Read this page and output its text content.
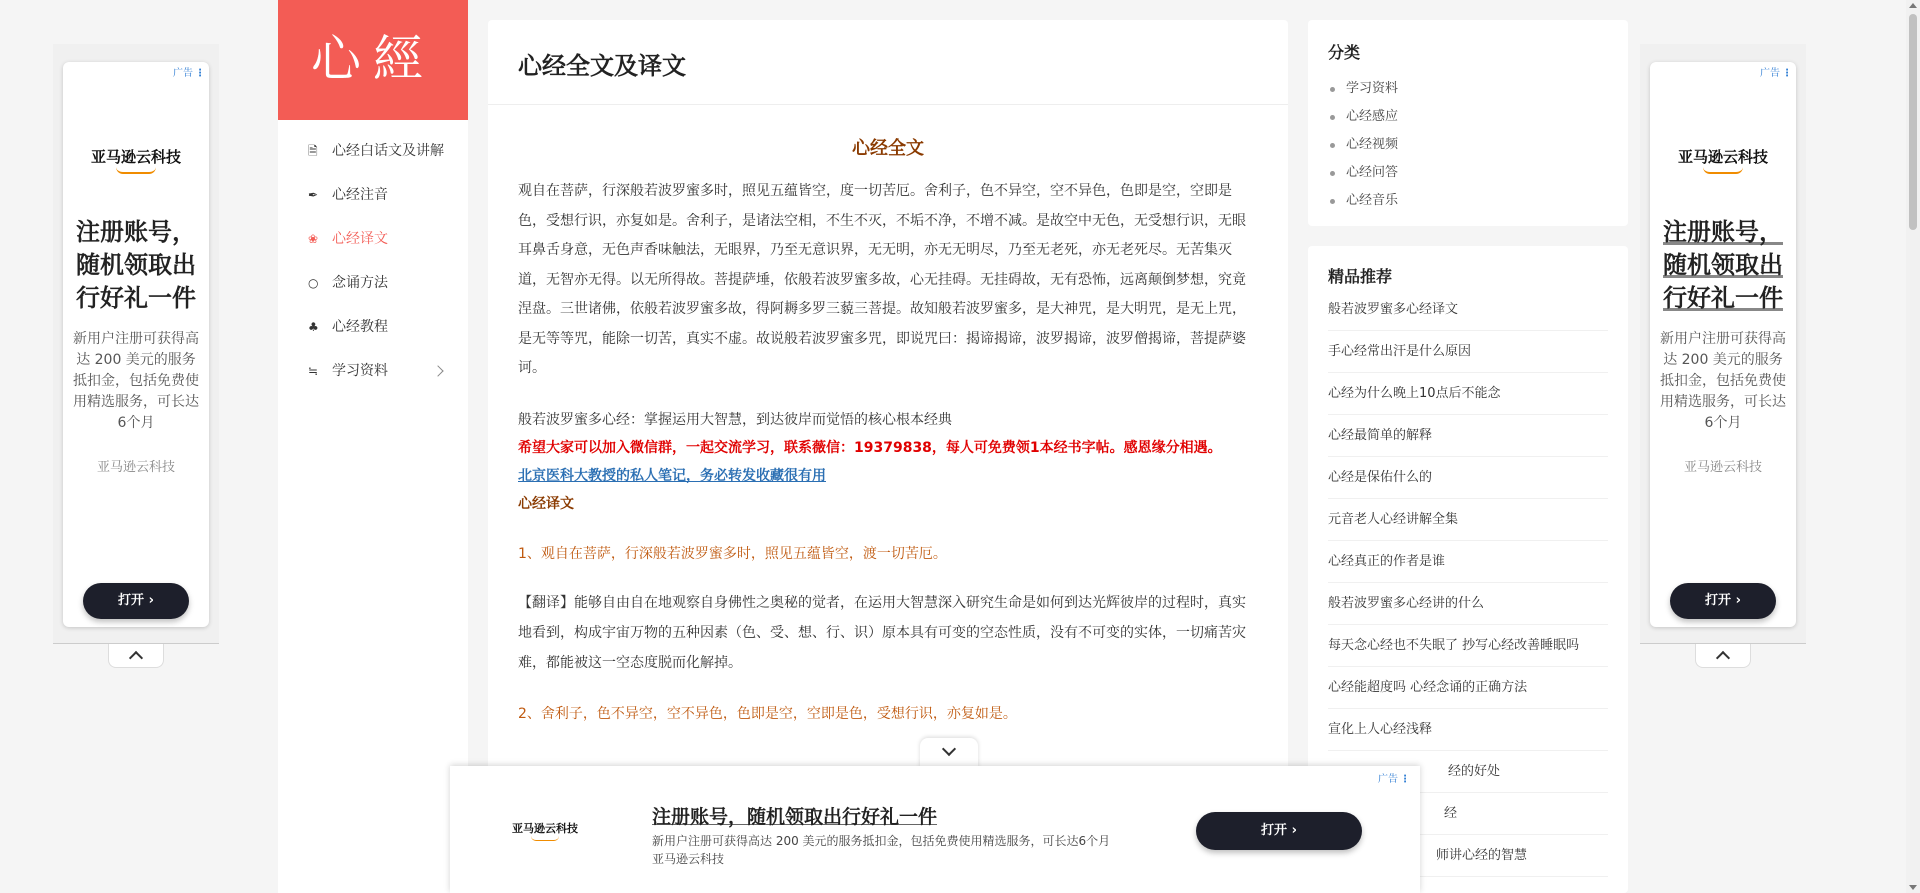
广告 ⋮
亚马逊云科技
注册账号，随机领取出行好礼一件
新用户注册可获得高达 200 美元的服务抵扣金，包括免费使用精选服务，可长达6个月
亚马逊云科技
打开 ›
广告 ⋮
亚马逊云科技
注册账号，随机领取出行好礼一件
新用户注册可获得高达 200 美元的服务抵扣金，包括免费使用精选服务，可长达6个月
亚马逊云科技
打开 ›
心經
🗎 心经白话文及讲解
✒ 心经注音
❀ 心经译文
○ 念诵方法
♣ 心经教程
≒ 学习资料
心经全文及译文
心经全文
观自在菩萨，行深般若波罗蜜多时，照见五蕴皆空，度一切苦厄。舍利子，色不异空，空不异色，色即是空，空即是色，受想行识，亦复如是。舍利子，是诸法空相，不生不灭，不垢不净，不增不减。是故空中无色，无受想行识，无眼耳鼻舌身意，无色声香味触法，无眼界，乃至无意识界，无无明，亦无无明尽，乃至无老死，亦无老死尽。无苦集灭道，无智亦无得。以无所得故。菩提萨埵，依般若波罗蜜多故，心无挂碍。无挂碍故，无有恐怖，远离颠倒梦想，究竟涅盘。三世诸佛，依般若波罗蜜多故，得阿耨多罗三藐三菩提。故知般若波罗蜜多，是大神咒，是大明咒，是无上咒，是无等等咒，能除一切苦，真实不虚。故说般若波罗蜜多咒，即说咒曰：揭谛揭谛，波罗揭谛，波罗僧揭谛，菩提萨婆诃。
般若波罗蜜多心经：掌握运用大智慧，到达彼岸而觉悟的核心根本经典
希望大家可以加入微信群，一起交流学习，联系薇信：19379838，每人可免费领1本经书字帖。感恩缘分相遇。
北京医科大教授的私人笔记，务必转发收藏很有用
心经译文
1、观自在菩萨，行深般若波罗蜜多时，照见五蕴皆空，渡一切苦厄。
【翻译】能够自由自在地观察自身佛性之奥秘的觉者，在运用大智慧深入研究生命是如何到达光辉彼岸的过程时，真实地看到，构成宇宙万物的五种因素（色、受、想、行、识）原本具有可变的空态性质，没有不可变的实体，一切痛苦灾难，都能被这一空态度脱而化解掉。
2、舍利子，色不异空，空不异色，色即是空，空即是色，受想行识，亦复如是。
分类
学习资料
心经感应
心经视频
心经问答
心经音乐
精品推荐
般若波罗蜜多心经译文
手心经常出汗是什么原因
心经为什么晚上10点后不能念
心经最简单的解释
心经是保佑什么的
元音老人心经讲解全集
心经真正的作者是谁
般若波罗蜜多心经讲的什么
每天念心经也不失眠了 抄写心经改善睡眠吗
心经能超度吗 心经念诵的正确方法
宣化上人心经浅释
经的好处
经
师讲心经的智慧
广告 ⋮
亚马逊云科技
注册账号，随机领取出行好礼一件
新用户注册可获得高达 200 美元的服务抵扣金，包括免费使用精选服务，可长达6个月
亚马逊云科技
打开 ›
